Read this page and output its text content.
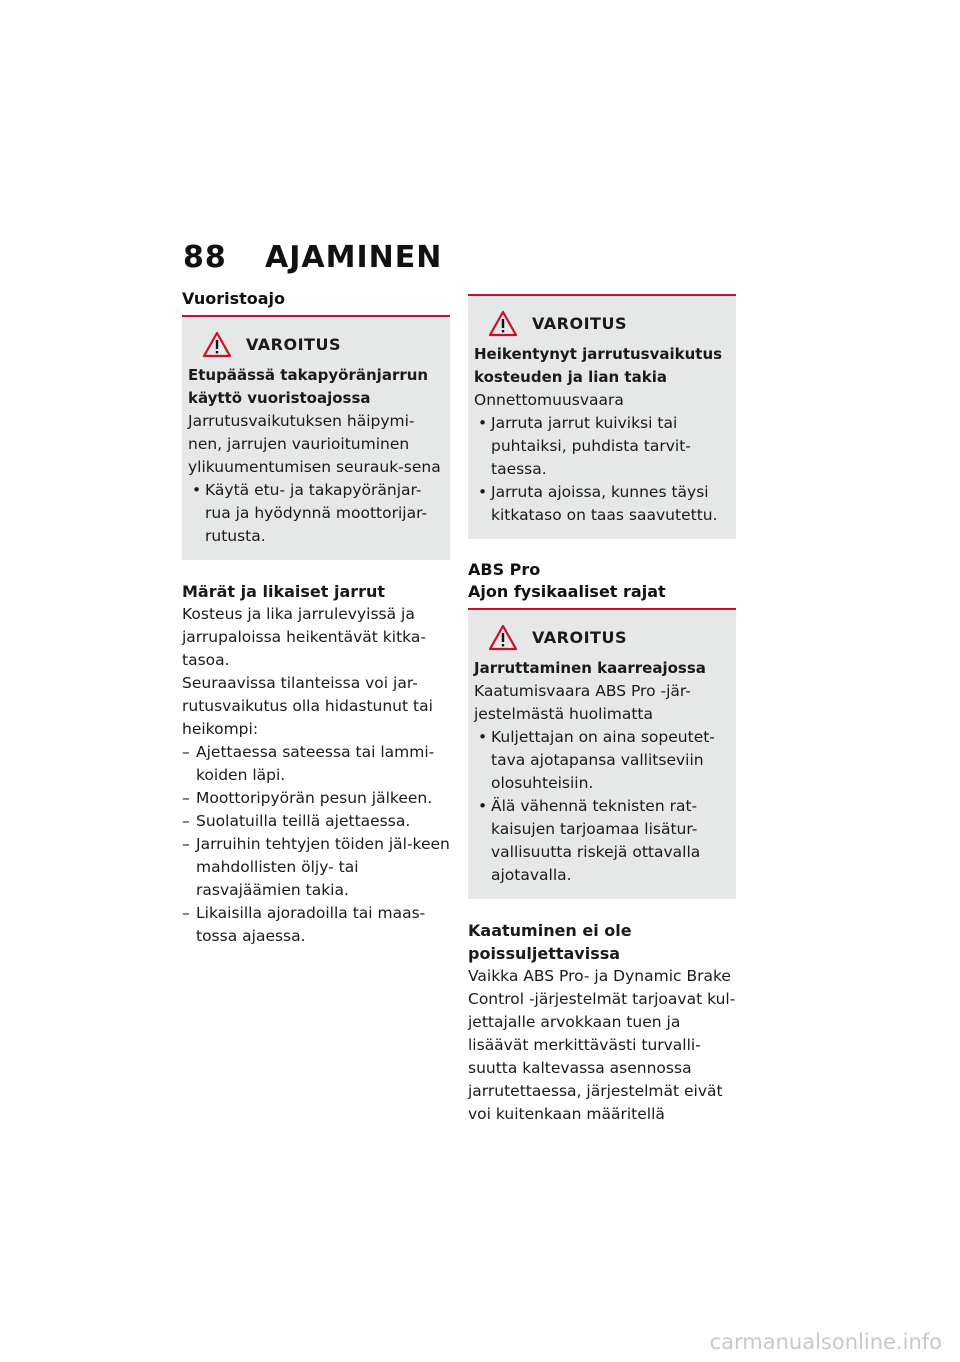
88	AJAMINEN
Vuoristoajo
VAROITUS
Etupäässä takapyöränjarrun käyttö vuoristoajossa
Jarrutusvaikutuksen häipymi-nen, jarrujen vaurioituminen ylikuumentumisen seurauk-sena
• Käytä etu- ja takapyöränjar-rua ja hyödynnä moottorijar-rutusta.
Märät ja likaiset jarrut
Kosteus ja lika jarrulevyissä ja jarrupaloissa heikentävät kitka-tasoa.
Seuraavissa tilanteissa voi jar-rutusvaikutus olla hidastunut tai heikompi:
– Ajettaessa sateessa tai lammi-koiden läpi.
– Moottoripyörän pesun jälkeen.
– Suolatuilla teillä ajettaessa.
– Jarruihin tehtyjen töiden jäl-keen mahdollisten öljy- tai rasvajäämien takia.
– Likaisilla ajoradoilla tai maas-tossa ajaessa.
VAROITUS
Heikentynyt jarrutusvaikutus kosteuden ja lian takia
Onnettomuusvaara
• Jarruta jarrut kuiviksi tai puhtaiksi, puhdista tarvit-taessa.
• Jarruta ajoissa, kunnes täysi kitkataso on taas saavutettu.
ABS Pro
Ajon fysikaaliset rajat
VAROITUS
Jarruttaminen kaarreajossa
Kaatumisvaara ABS Pro -jär-jestelmästä huolimatta
• Kuljettajan on aina sopeutet-tava ajotapansa vallitseviin olosuhteisiin.
• Älä vähennä teknisten rat-kaisujen tarjoamaa lisätur-vallisuutta riskejä ottavalla ajotavalla.
Kaatuminen ei ole poissuljettavissa
Vaikka ABS Pro- ja Dynamic Brake Control -järjestelmät tarjoavat kul-jettajalle arvokkaan tuen ja lisäävät merkittävästi turvalli-suutta kaltevassa asennossa jarrutettaessa, järjestelmät eivät voi kuitenkaan määritellä
carmanualsonline.info
